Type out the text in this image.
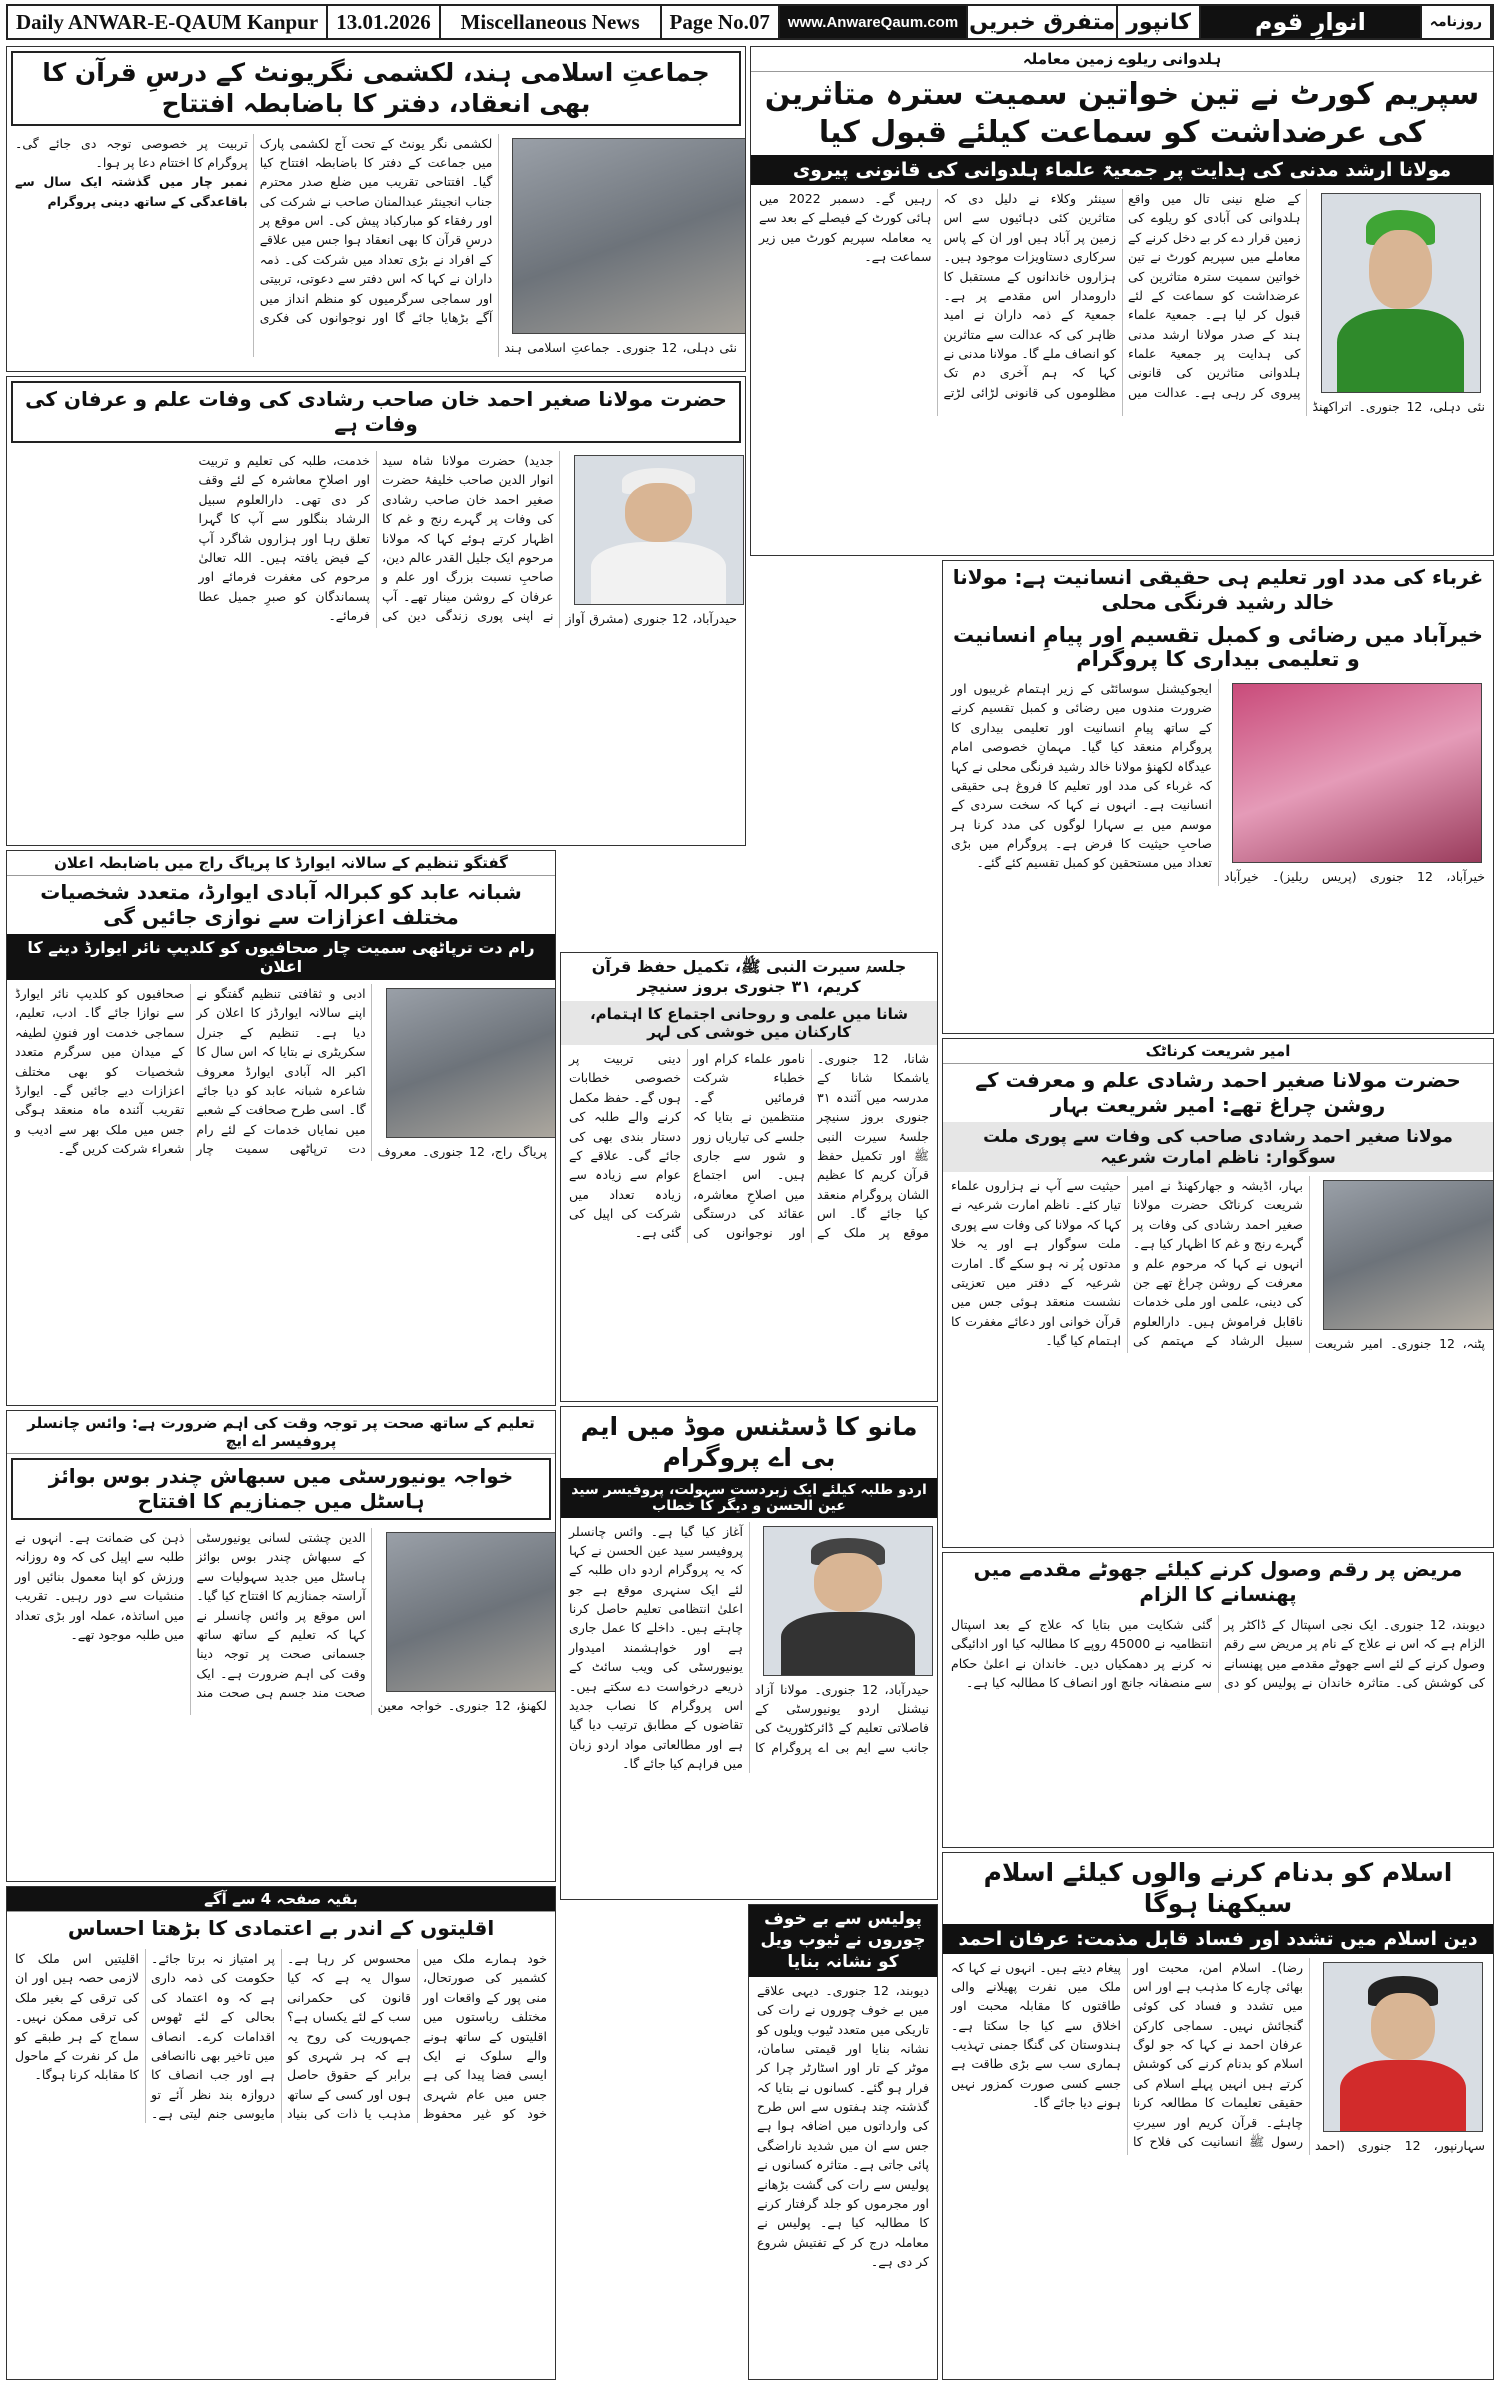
Daily ANWAR-E-QAUM Kanpur 13.01.2026	Miscellaneous News	Page No.07	www.AnwareQaum.com متفرق خبریں کانپور	انوارِ قوم	روزنامہ
جماعتِ اسلامی ہند، لکشمی نگریونٹ کے درسِ قرآن کا بھی انعقاد، دفتر کا باضابطہ افتتاح
نئی دہلی، 12 جنوری۔ جماعتِ اسلامی ہند لکشمی نگر یونٹ کے تحت آج لکشمی پارک میں جماعت کے دفتر کا باضابطہ افتتاح کیا گیا۔ افتتاحی تقریب میں ضلع صدر محترم جناب انجینئر عبدالمنان صاحب نے شرکت کی اور رفقاء کو مبارکباد پیش کی۔ اس موقع پر درسِ قرآن کا بھی انعقاد ہوا جس میں علاقے کے افراد نے بڑی تعداد میں شرکت کی۔ ذمہ داران نے کہا کہ اس دفتر سے دعوتی، تربیتی اور سماجی سرگرمیوں کو منظم انداز میں آگے بڑھایا جائے گا اور نوجوانوں کی فکری تربیت پر خصوصی توجہ دی جائے گی۔ پروگرام کا اختتام دعا پر ہوا۔
نمبر چار میں گذشتہ ایک سال سے باقاعدگی کے ساتھ دینی پروگرام
حضرت مولانا صغیر احمد خان صاحب رشادی کی وفات علم و عرفان کی وفات ہے
حیدرآباد، 12 جنوری (مشرق آواز جدید) حضرت مولانا شاہ سید انوار الدین صاحب خلیفۂ حضرت صغیر احمد خان صاحب رشادی کی وفات پر گہرے رنج و غم کا اظہار کرتے ہوئے کہا کہ مولانا مرحوم ایک جلیل القدر عالم دین، صاحبِ نسبت بزرگ اور علم و عرفان کے روشن مینار تھے۔ آپ نے اپنی پوری زندگی دین کی خدمت، طلبہ کی تعلیم و تربیت اور اصلاحِ معاشرہ کے لئے وقف کر دی تھی۔ دارالعلوم سبیل الرشاد بنگلور سے آپ کا گہرا تعلق رہا اور ہزاروں شاگرد آپ کے فیض یافتہ ہیں۔ اللہ تعالیٰ مرحوم کی مغفرت فرمائے اور پسماندگان کو صبرِ جمیل عطا فرمائے۔
گفتگو تنظیم کے سالانہ ایوارڈ کا پریاگ راج میں باضابطہ اعلان
شبانہ عابد کو کبرالہ آبادی ایوارڈ، متعدد شخصیات مختلف اعزازات سے نوازی جائیں گی
رام دت ترپاٹھی سمیت چار صحافیوں کو کلدیپ نائر ایوارڈ دینے کا اعلان
پریاگ راج، 12 جنوری۔ معروف ادبی و ثقافتی تنظیم گفتگو نے اپنے سالانہ ایوارڈز کا اعلان کر دیا ہے۔ تنظیم کے جنرل سکریٹری نے بتایا کہ اس سال کا اکبر الہ آبادی ایوارڈ معروف شاعرہ شبانہ عابد کو دیا جائے گا۔ اسی طرح صحافت کے شعبے میں نمایاں خدمات کے لئے رام دت ترپاٹھی سمیت چار صحافیوں کو کلدیپ نائر ایوارڈ سے نوازا جائے گا۔ ادب، تعلیم، سماجی خدمت اور فنونِ لطیفہ کے میدان میں سرگرم متعدد شخصیات کو بھی مختلف اعزازات دیے جائیں گے۔ ایوارڈ تقریب آئندہ ماہ منعقد ہوگی جس میں ملک بھر سے ادیب و شعراء شرکت کریں گے۔
تعلیم کے ساتھ صحت پر توجہ وقت کی اہم ضرورت ہے: وائس چانسلر پروفیسر اے ایچ
خواجہ یونیورسٹی میں سبھاش چندر بوس بوائز ہاسٹل میں جمنازیم کا افتتاح
لکھنؤ، 12 جنوری۔ خواجہ معین الدین چشتی لسانی یونیورسٹی کے سبھاش چندر بوس بوائز ہاسٹل میں جدید سہولیات سے آراستہ جمنازیم کا افتتاح کیا گیا۔ اس موقع پر وائس چانسلر نے کہا کہ تعلیم کے ساتھ ساتھ جسمانی صحت پر توجہ دینا وقت کی اہم ضرورت ہے۔ ایک صحت مند جسم ہی صحت مند ذہن کی ضمانت ہے۔ انہوں نے طلبہ سے اپیل کی کہ وہ روزانہ ورزش کو اپنا معمول بنائیں اور منشیات سے دور رہیں۔ تقریب میں اساتذہ، عملہ اور بڑی تعداد میں طلبہ موجود تھے۔
بقیہ صفحہ 4 سے آگے
اقلیتوں کے اندر بے اعتمادی کا بڑھتا احساس
خود ہمارے ملک میں کشمیر کی صورتحال، منی پور کے واقعات اور مختلف ریاستوں میں اقلیتوں کے ساتھ ہونے والے سلوک نے ایک ایسی فضا پیدا کی ہے جس میں عام شہری خود کو غیر محفوظ محسوس کر رہا ہے۔ سوال یہ ہے کہ کیا قانون کی حکمرانی سب کے لئے یکساں ہے؟ جمہوریت کی روح یہ ہے کہ ہر شہری کو برابر کے حقوق حاصل ہوں اور کسی کے ساتھ مذہب یا ذات کی بنیاد پر امتیاز نہ برتا جائے۔ حکومت کی ذمہ داری ہے کہ وہ اعتماد کی بحالی کے لئے ٹھوس اقدامات کرے۔ انصاف میں تاخیر بھی ناانصافی ہے اور جب انصاف کا دروازہ بند نظر آئے تو مایوسی جنم لیتی ہے۔ اقلیتیں اس ملک کا لازمی حصہ ہیں اور ان کی ترقی کے بغیر ملک کی ترقی ممکن نہیں۔ سماج کے ہر طبقے کو مل کر نفرت کے ماحول کا مقابلہ کرنا ہوگا۔
جلسۂ سیرت النبی ﷺ، تکمیل حفظ قرآن کریم، ۳۱ جنوری بروز سنیچر
شانا میں علمی و روحانی اجتماع کا اہتمام، کارکنان میں خوشی کی لہر
شانا، 12 جنوری۔ یاشمکا شانا کے مدرسہ میں آئندہ ۳۱ جنوری بروز سنیچر جلسۂ سیرت النبی ﷺ اور تکمیل حفظ قرآن کریم کا عظیم الشان پروگرام منعقد کیا جائے گا۔ اس موقع پر ملک کے نامور علماء کرام اور خطباء شرکت فرمائیں گے۔ منتظمین نے بتایا کہ جلسے کی تیاریاں زور و شور سے جاری ہیں۔ اس اجتماع میں اصلاحِ معاشرہ، عقائد کی درستگی اور نوجوانوں کی دینی تربیت پر خصوصی خطابات ہوں گے۔ حفظ مکمل کرنے والے طلبہ کی دستار بندی بھی کی جائے گی۔ علاقے کے عوام سے زیادہ سے زیادہ تعداد میں شرکت کی اپیل کی گئی ہے۔
مانو کا ڈسٹنس موڈ میں ایم بی اے پروگرام
اردو طلبہ کیلئے ایک زبردست سہولت، پروفیسر سید عین الحسن و دیگر کا خطاب
حیدرآباد، 12 جنوری۔ مولانا آزاد نیشنل اردو یونیورسٹی کے فاصلاتی تعلیم کے ڈائرکٹوریٹ کی جانب سے ایم بی اے پروگرام کا آغاز کیا گیا ہے۔ وائس چانسلر پروفیسر سید عین الحسن نے کہا کہ یہ پروگرام اردو داں طلبہ کے لئے ایک سنہری موقع ہے جو اعلیٰ انتظامی تعلیم حاصل کرنا چاہتے ہیں۔ داخلے کا عمل جاری ہے اور خواہشمند امیدوار یونیورسٹی کی ویب سائٹ کے ذریعے درخواست دے سکتے ہیں۔ اس پروگرام کا نصاب جدید تقاضوں کے مطابق ترتیب دیا گیا ہے اور مطالعاتی مواد اردو زبان میں فراہم کیا جائے گا۔
پولیس سے بے خوف چوروں نے ٹیوب ویل کو نشانہ بنایا
دیوبند، 12 جنوری۔ دیہی علاقے میں بے خوف چوروں نے رات کی تاریکی میں متعدد ٹیوب ویلوں کو نشانہ بنایا اور قیمتی سامان، موٹر کے تار اور اسٹارٹر چرا کر فرار ہو گئے۔ کسانوں نے بتایا کہ گذشتہ چند ہفتوں سے اس طرح کی وارداتوں میں اضافہ ہوا ہے جس سے ان میں شدید ناراضگی پائی جاتی ہے۔ متاثرہ کسانوں نے پولیس سے رات کی گشت بڑھانے اور مجرموں کو جلد گرفتار کرنے کا مطالبہ کیا ہے۔ پولیس نے معاملہ درج کر کے تفتیش شروع کر دی ہے۔
ہلدوانی ریلوے زمین معاملہ
سپریم کورٹ نے تین خواتین سمیت سترہ متاثرین کی عرضداشت کو سماعت کیلئے قبول کیا
مولانا ارشد مدنی کی ہدایت پر جمعیۃ علماء ہلدوانی کی قانونی پیروی
نئی دہلی، 12 جنوری۔ اتراکھنڈ کے ضلع نینی تال میں واقع ہلدوانی کی آبادی کو ریلوے کی زمین قرار دے کر بے دخل کرنے کے معاملے میں سپریم کورٹ نے تین خواتین سمیت سترہ متاثرین کی عرضداشت کو سماعت کے لئے قبول کر لیا ہے۔ جمعیۃ علماء ہند کے صدر مولانا ارشد مدنی کی ہدایت پر جمعیۃ علماء ہلدوانی متاثرین کی قانونی پیروی کر رہی ہے۔ عدالت میں سینئر وکلاء نے دلیل دی کہ متاثرین کئی دہائیوں سے اس زمین پر آباد ہیں اور ان کے پاس سرکاری دستاویزات موجود ہیں۔ ہزاروں خاندانوں کے مستقبل کا دارومدار اس مقدمے پر ہے۔ جمعیۃ کے ذمہ داران نے امید ظاہر کی کہ عدالت سے متاثرین کو انصاف ملے گا۔ مولانا مدنی نے کہا کہ ہم آخری دم تک مظلوموں کی قانونی لڑائی لڑتے رہیں گے۔ دسمبر 2022 میں ہائی کورٹ کے فیصلے کے بعد سے یہ معاملہ سپریم کورٹ میں زیر سماعت ہے۔
غرباء کی مدد اور تعلیم ہی حقیقی انسانیت ہے: مولانا خالد رشید فرنگی محلی
خیرآباد میں رضائی و کمبل تقسیم اور پیامِ انسانیت و تعلیمی بیداری کا پروگرام
خیرآباد، 12 جنوری (پریس ریلیز)۔ خیرآباد ایجوکیشنل سوسائٹی کے زیر اہتمام غریبوں اور ضرورت مندوں میں رضائی و کمبل تقسیم کرنے کے ساتھ پیامِ انسانیت اور تعلیمی بیداری کا پروگرام منعقد کیا گیا۔ مہمانِ خصوصی امام عیدگاہ لکھنؤ مولانا خالد رشید فرنگی محلی نے کہا کہ غرباء کی مدد اور تعلیم کا فروغ ہی حقیقی انسانیت ہے۔ انہوں نے کہا کہ سخت سردی کے موسم میں بے سہارا لوگوں کی مدد کرنا ہر صاحبِ حیثیت کا فرض ہے۔ پروگرام میں بڑی تعداد میں مستحقین کو کمبل تقسیم کئے گئے۔
امیر شریعت کرناٹک
حضرت مولانا صغیر احمد رشادی علم و معرفت کے روشن چراغ تھے: امیر شریعت بہار
مولانا صغیر احمد رشادی صاحب کی وفات سے پوری ملت سوگوار: ناظم امارت شرعیہ
پٹنہ، 12 جنوری۔ امیر شریعت بہار، اڈیشہ و جھارکھنڈ نے امیر شریعت کرناٹک حضرت مولانا صغیر احمد رشادی کی وفات پر گہرے رنج و غم کا اظہار کیا ہے۔ انہوں نے کہا کہ مرحوم علم و معرفت کے روشن چراغ تھے جن کی دینی، علمی اور ملی خدمات ناقابل فراموش ہیں۔ دارالعلوم سبیل الرشاد کے مہتمم کی حیثیت سے آپ نے ہزاروں علماء تیار کئے۔ ناظم امارت شرعیہ نے کہا کہ مولانا کی وفات سے پوری ملت سوگوار ہے اور یہ خلا مدتوں پُر نہ ہو سکے گا۔ امارت شرعیہ کے دفتر میں تعزیتی نشست منعقد ہوئی جس میں قرآن خوانی اور دعائے مغفرت کا اہتمام کیا گیا۔
مریض پر رقم وصول کرنے کیلئے جھوٹے مقدمے میں پھنسانے کا الزام
دیوبند، 12 جنوری۔ ایک نجی اسپتال کے ڈاکٹر پر الزام ہے کہ اس نے علاج کے نام پر مریض سے رقم وصول کرنے کے لئے اسے جھوٹے مقدمے میں پھنسانے کی کوشش کی۔ متاثرہ خاندان نے پولیس کو دی گئی شکایت میں بتایا کہ علاج کے بعد اسپتال انتظامیہ نے 45000 روپے کا مطالبہ کیا اور ادائیگی نہ کرنے پر دھمکیاں دیں۔ خاندان نے اعلیٰ حکام سے منصفانہ جانچ اور انصاف کا مطالبہ کیا ہے۔
اسلام کو بدنام کرنے والوں کیلئے اسلام سیکھنا ہوگا
دین اسلام میں تشدد اور فساد قابل مذمت: عرفان احمد
سہارنپور، 12 جنوری (احمد رضا)۔ اسلام امن، محبت اور بھائی چارے کا مذہب ہے اور اس میں تشدد و فساد کی کوئی گنجائش نہیں۔ سماجی کارکن عرفان احمد نے کہا کہ جو لوگ اسلام کو بدنام کرنے کی کوشش کرتے ہیں انہیں پہلے اسلام کی حقیقی تعلیمات کا مطالعہ کرنا چاہئے۔ قرآن کریم اور سیرتِ رسول ﷺ انسانیت کی فلاح کا پیغام دیتے ہیں۔ انہوں نے کہا کہ ملک میں نفرت پھیلانے والی طاقتوں کا مقابلہ محبت اور اخلاق سے کیا جا سکتا ہے۔ ہندوستان کی گنگا جمنی تہذیب ہماری سب سے بڑی طاقت ہے جسے کسی صورت کمزور نہیں ہونے دیا جائے گا۔
